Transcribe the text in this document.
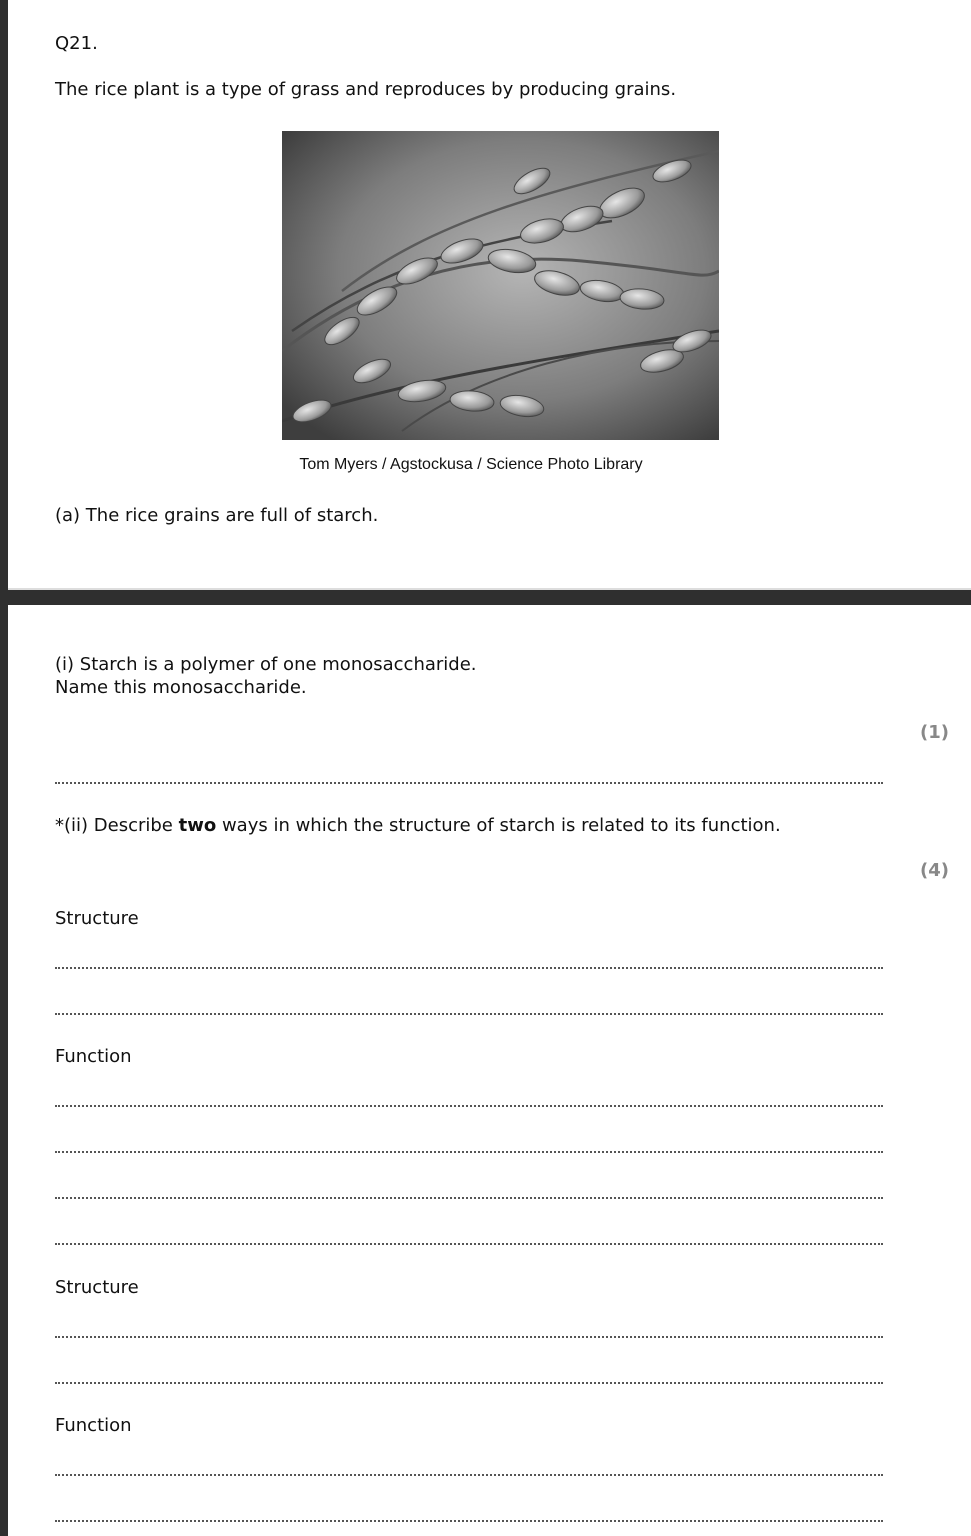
Q21.
The rice plant is a type of grass and reproduces by producing grains.
Tom Myers / Agstockusa / Science Photo Library
(a) The rice grains are full of starch.
(i) Starch is a polymer of one monosaccharide.
Name this monosaccharide.
(1)
*(ii) Describe two ways in which the structure of starch is related to its function.
(4)
Structure
Function
Structure
Function
